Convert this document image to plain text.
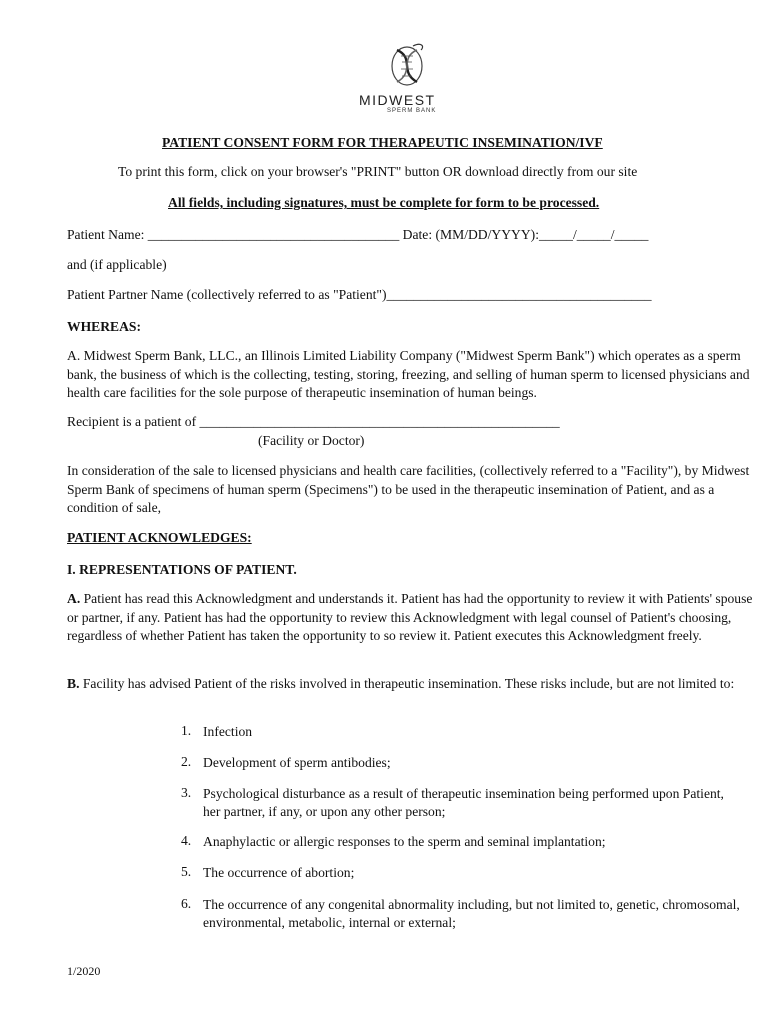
MIDWEST
SPERM BANK
PATIENT CONSENT FORM FOR THERAPEUTIC INSEMINATION/IVF
To print this form, click on your browser's "PRINT" button OR download directly from our site
All fields, including signatures, must be complete for form to be processed.
Patient Name: _____________________________________ Date: (MM/DD/YYYY):_____/_____/_____
and (if applicable)
Patient Partner Name (collectively referred to as "Patient")_______________________________________
WHEREAS:
A. Midwest Sperm Bank, LLC., an Illinois Limited Liability Company ("Midwest Sperm Bank") which operates as a sperm bank, the business of which is the collecting, testing, storing, freezing, and selling of human sperm to licensed physicians and health care facilities for the sole purpose of therapeutic insemination of human beings.
Recipient is a patient of _____________________________________________________
(Facility or Doctor)
In consideration of the sale to licensed physicians and health care facilities, (collectively referred to a "Facility"), by Midwest Sperm Bank of specimens of human sperm (Specimens") to be used in the therapeutic insemination of Patient, and as a condition of sale,
PATIENT ACKNOWLEDGES:
I. REPRESENTATIONS OF PATIENT.
A. Patient has read this Acknowledgment and understands it. Patient has had the opportunity to review it with Patients' spouse or partner, if any. Patient has had the opportunity to review this Acknowledgment with legal counsel of Patient's choosing, regardless of whether Patient has taken the opportunity to so review it. Patient executes this Acknowledgment freely.
B. Facility has advised Patient of the risks involved in therapeutic insemination. These risks include, but are not limited to:
1. Infection
2. Development of sperm antibodies;
3. Psychological disturbance as a result of therapeutic insemination being performed upon Patient, her partner, if any, or upon any other person;
4. Anaphylactic or allergic responses to the sperm and seminal implantation;
5. The occurrence of abortion;
6. The occurrence of any congenital abnormality including, but not limited to, genetic, chromosomal, environmental, metabolic, internal or external;
1/2020
